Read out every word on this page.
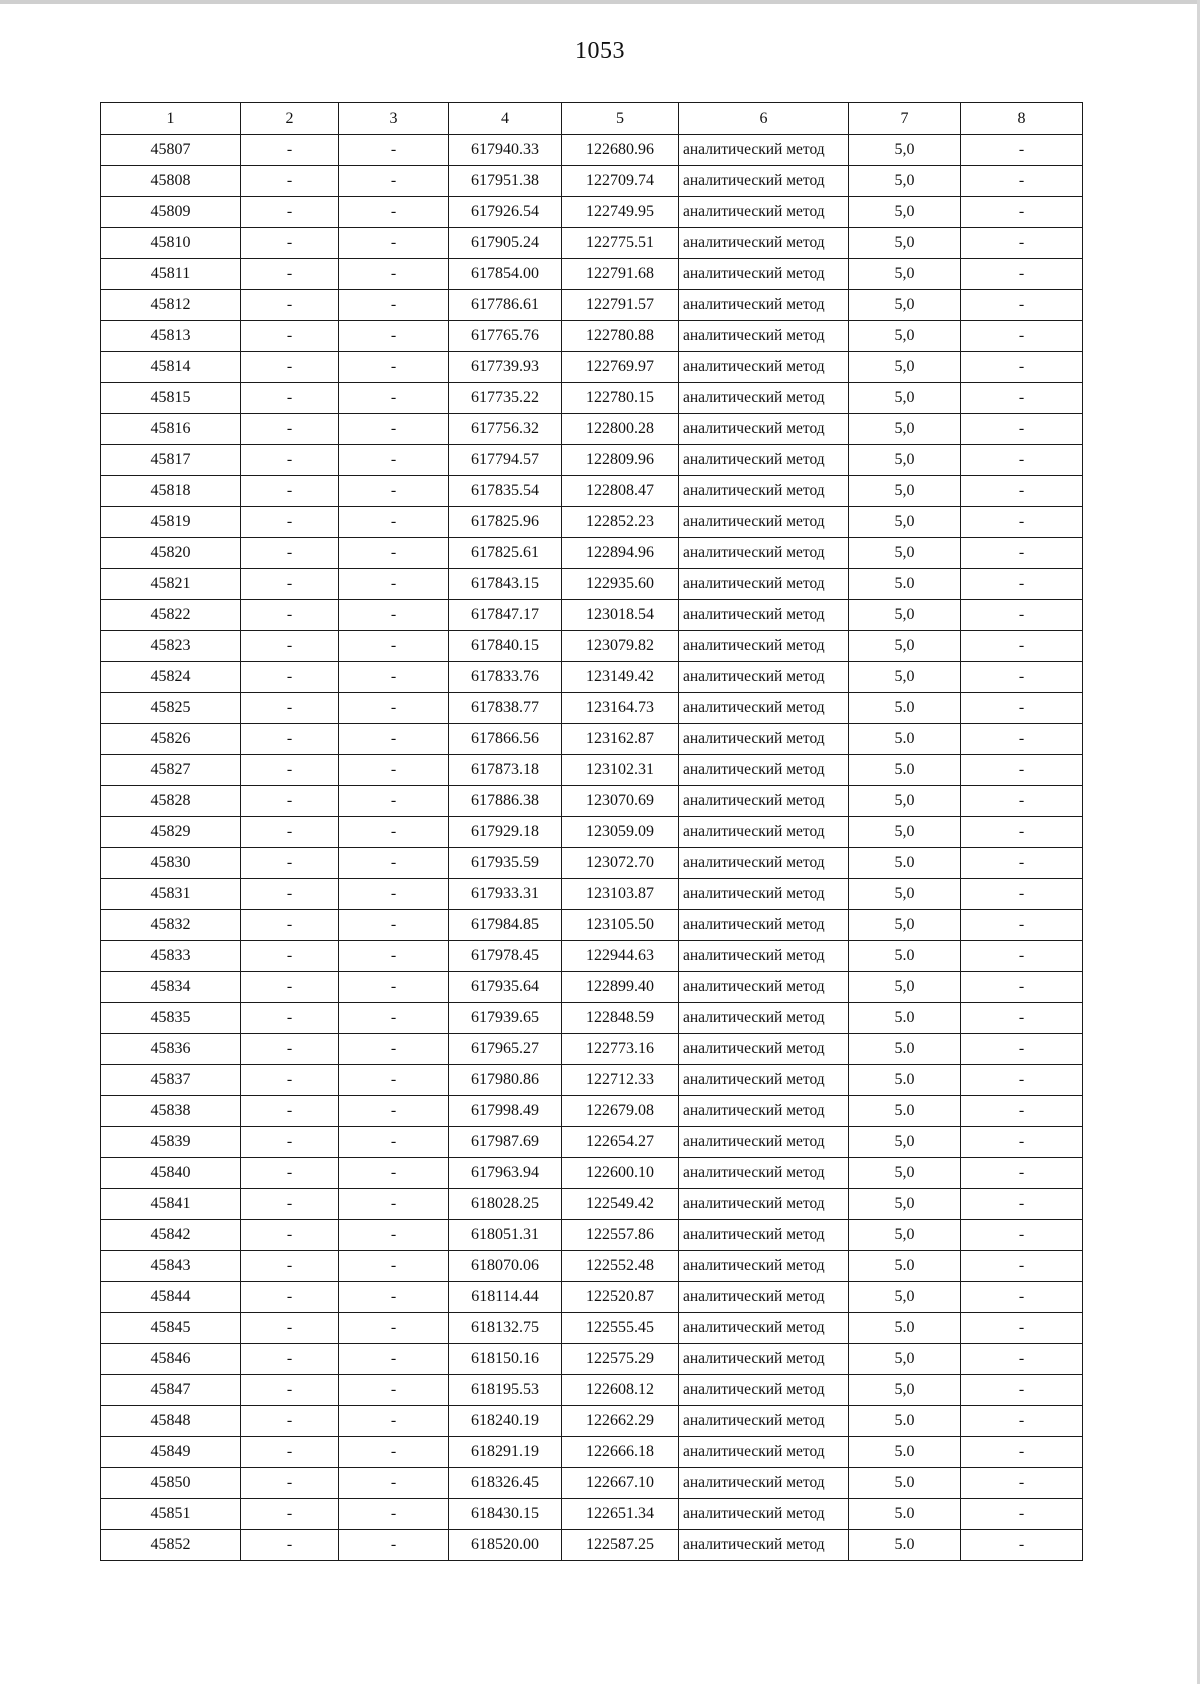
1053
1	2	3	4	5	6	7	8
45807	-	-	617940.33	122680.96	аналитический метод	5,0	-
45808	-	-	617951.38	122709.74	аналитический метод	5,0	-
45809	-	-	617926.54	122749.95	аналитический метод	5,0	-
45810	-	-	617905.24	122775.51	аналитический метод	5,0	-
45811	-	-	617854.00	122791.68	аналитический метод	5,0	-
45812	-	-	617786.61	122791.57	аналитический метод	5,0	-
45813	-	-	617765.76	122780.88	аналитический метод	5,0	-
45814	-	-	617739.93	122769.97	аналитический метод	5,0	-
45815	-	-	617735.22	122780.15	аналитический метод	5,0	-
45816	-	-	617756.32	122800.28	аналитический метод	5,0	-
45817	-	-	617794.57	122809.96	аналитический метод	5,0	-
45818	-	-	617835.54	122808.47	аналитический метод	5,0	-
45819	-	-	617825.96	122852.23	аналитический метод	5,0	-
45820	-	-	617825.61	122894.96	аналитический метод	5,0	-
45821	-	-	617843.15	122935.60	аналитический метод	5.0	-
45822	-	-	617847.17	123018.54	аналитический метод	5,0	-
45823	-	-	617840.15	123079.82	аналитический метод	5,0	-
45824	-	-	617833.76	123149.42	аналитический метод	5,0	-
45825	-	-	617838.77	123164.73	аналитический метод	5.0	-
45826	-	-	617866.56	123162.87	аналитический метод	5.0	-
45827	-	-	617873.18	123102.31	аналитический метод	5.0	-
45828	-	-	617886.38	123070.69	аналитический метод	5,0	-
45829	-	-	617929.18	123059.09	аналитический метод	5,0	-
45830	-	-	617935.59	123072.70	аналитический метод	5.0	-
45831	-	-	617933.31	123103.87	аналитический метод	5,0	-
45832	-	-	617984.85	123105.50	аналитический метод	5,0	-
45833	-	-	617978.45	122944.63	аналитический метод	5.0	-
45834	-	-	617935.64	122899.40	аналитический метод	5,0	-
45835	-	-	617939.65	122848.59	аналитический метод	5.0	-
45836	-	-	617965.27	122773.16	аналитический метод	5.0	-
45837	-	-	617980.86	122712.33	аналитический метод	5.0	-
45838	-	-	617998.49	122679.08	аналитический метод	5.0	-
45839	-	-	617987.69	122654.27	аналитический метод	5,0	-
45840	-	-	617963.94	122600.10	аналитический метод	5,0	-
45841	-	-	618028.25	122549.42	аналитический метод	5,0	-
45842	-	-	618051.31	122557.86	аналитический метод	5,0	-
45843	-	-	618070.06	122552.48	аналитический метод	5.0	-
45844	-	-	618114.44	122520.87	аналитический метод	5,0	-
45845	-	-	618132.75	122555.45	аналитический метод	5.0	-
45846	-	-	618150.16	122575.29	аналитический метод	5,0	-
45847	-	-	618195.53	122608.12	аналитический метод	5,0	-
45848	-	-	618240.19	122662.29	аналитический метод	5.0	-
45849	-	-	618291.19	122666.18	аналитический метод	5.0	-
45850	-	-	618326.45	122667.10	аналитический метод	5.0	-
45851	-	-	618430.15	122651.34	аналитический метод	5.0	-
45852	-	-	618520.00	122587.25	аналитический метод	5.0	-
